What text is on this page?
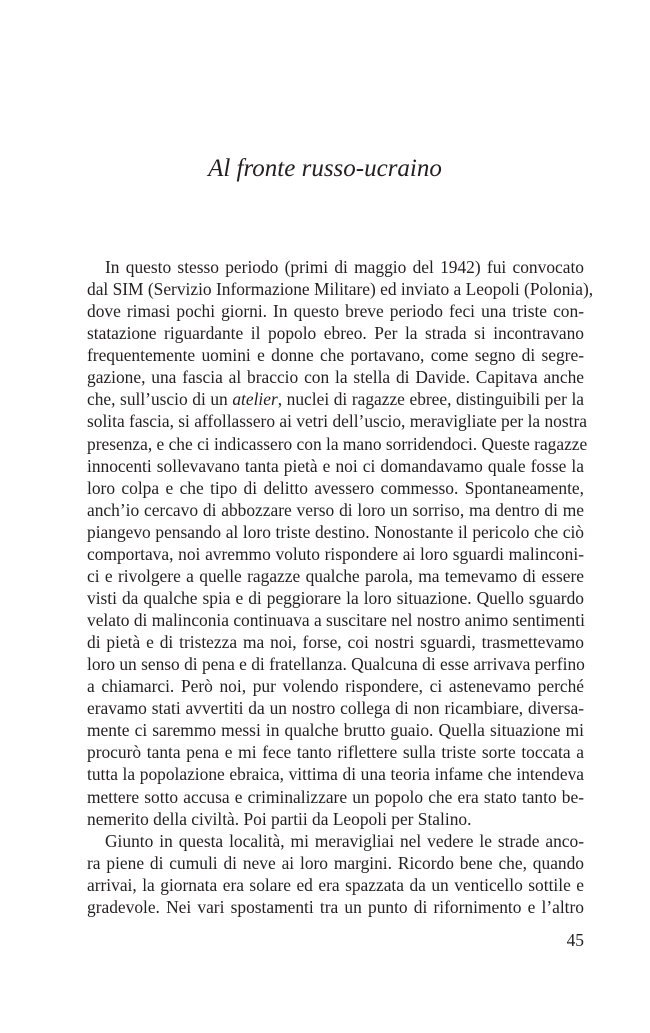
Al fronte russo-ucraino
In questo stesso periodo (primi di maggio del 1942) fui convocato
dal SIM (Servizio Informazione Militare) ed inviato a Leopoli (Polonia),
dove rimasi pochi giorni. In questo breve periodo feci una triste con-
statazione riguardante il popolo ebreo. Per la strada si incontravano
frequentemente uomini e donne che portavano, come segno di segre-
gazione, una fascia al braccio con la stella di Davide. Capitava anche
che, sull’uscio di un atelier, nuclei di ragazze ebree, distinguibili per la
solita fascia, si affollassero ai vetri dell’uscio, meravigliate per la nostra
presenza, e che ci indicassero con la mano sorridendoci. Queste ragazze
innocenti sollevavano tanta pietà e noi ci domandavamo quale fosse la
loro colpa e che tipo di delitto avessero commesso. Spontaneamente,
anch’io cercavo di abbozzare verso di loro un sorriso, ma dentro di me
piangevo pensando al loro triste destino. Nonostante il pericolo che ciò
comportava, noi avremmo voluto rispondere ai loro sguardi malinconi-
ci e rivolgere a quelle ragazze qualche parola, ma temevamo di essere
visti da qualche spia e di peggiorare la loro situazione. Quello sguardo
velato di malinconia continuava a suscitare nel nostro animo sentimenti
di pietà e di tristezza ma noi, forse, coi nostri sguardi, trasmettevamo
loro un senso di pena e di fratellanza. Qualcuna di esse arrivava perfino
a chiamarci. Però noi, pur volendo rispondere, ci astenevamo perché
eravamo stati avvertiti da un nostro collega di non ricambiare, diversa-
mente ci saremmo messi in qualche brutto guaio. Quella situazione mi
procurò tanta pena e mi fece tanto riflettere sulla triste sorte toccata a
tutta la popolazione ebraica, vittima di una teoria infame che intendeva
mettere sotto accusa e criminalizzare un popolo che era stato tanto be-
nemerito della civiltà. Poi partii da Leopoli per Stalino.
Giunto in questa località, mi meravigliai nel vedere le strade anco-
ra piene di cumuli di neve ai loro margini. Ricordo bene che, quando
arrivai, la giornata era solare ed era spazzata da un venticello sottile e
gradevole. Nei vari spostamenti tra un punto di rifornimento e l’altro
45
